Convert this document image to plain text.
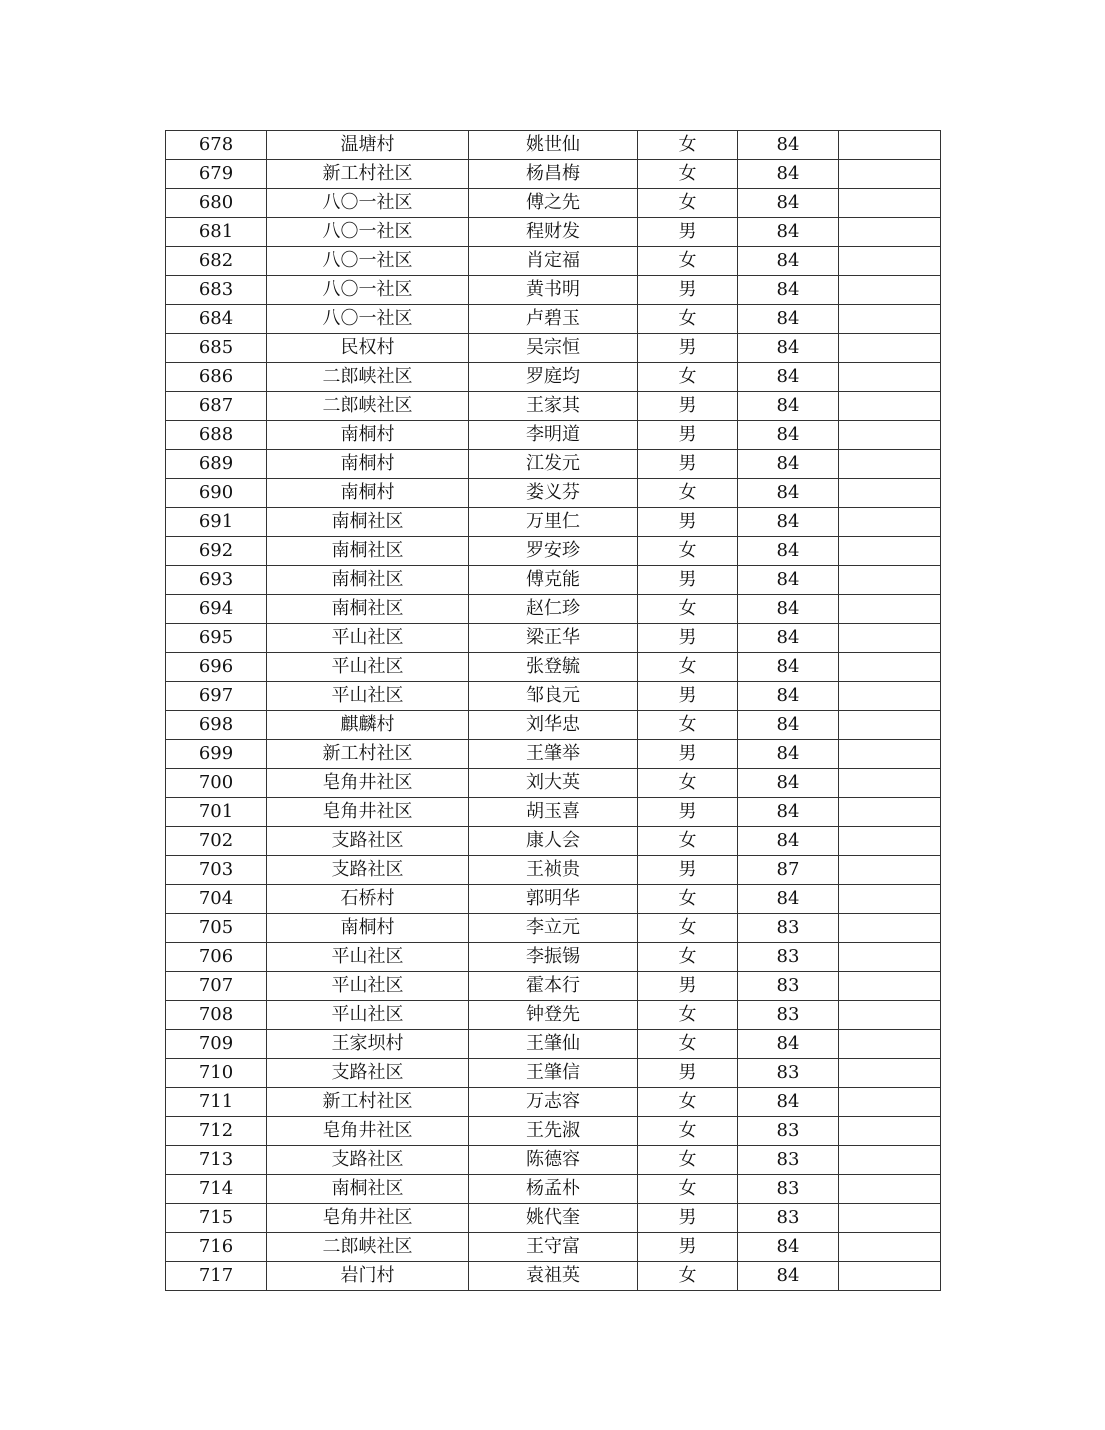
678	温塘村	姚世仙	女	84	
679	新工村社区	杨昌梅	女	84	
680	八〇一社区	傅之先	女	84	
681	八〇一社区	程财发	男	84	
682	八〇一社区	肖定福	女	84	
683	八〇一社区	黄书明	男	84	
684	八〇一社区	卢碧玉	女	84	
685	民权村	吴宗恒	男	84	
686	二郎峡社区	罗庭均	女	84	
687	二郎峡社区	王家其	男	84	
688	南桐村	李明道	男	84	
689	南桐村	江发元	男	84	
690	南桐村	娄义芬	女	84	
691	南桐社区	万里仁	男	84	
692	南桐社区	罗安珍	女	84	
693	南桐社区	傅克能	男	84	
694	南桐社区	赵仁珍	女	84	
695	平山社区	梁正华	男	84	
696	平山社区	张登毓	女	84	
697	平山社区	邹良元	男	84	
698	麒麟村	刘华忠	女	84	
699	新工村社区	王肇举	男	84	
700	皂角井社区	刘大英	女	84	
701	皂角井社区	胡玉喜	男	84	
702	支路社区	康人会	女	84	
703	支路社区	王祯贵	男	87	
704	石桥村	郭明华	女	84	
705	南桐村	李立元	女	83	
706	平山社区	李振锡	女	83	
707	平山社区	霍本行	男	83	
708	平山社区	钟登先	女	83	
709	王家坝村	王肇仙	女	84	
710	支路社区	王肇信	男	83	
711	新工村社区	万志容	女	84	
712	皂角井社区	王先淑	女	83	
713	支路社区	陈德容	女	83	
714	南桐社区	杨孟朴	女	83	
715	皂角井社区	姚代奎	男	83	
716	二郎峡社区	王守富	男	84	
717	岩门村	袁祖英	女	84	
